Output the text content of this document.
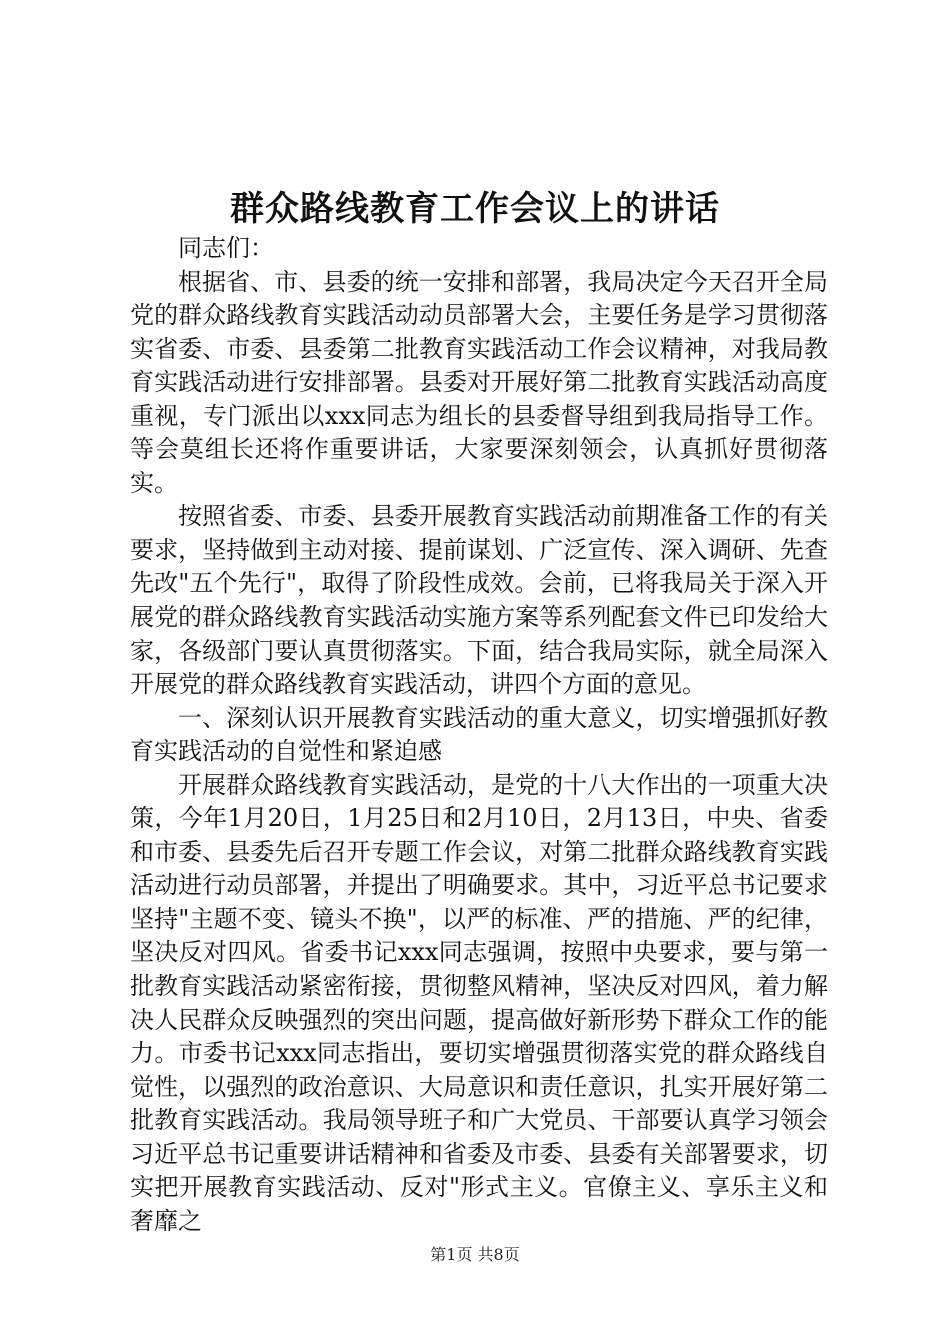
群众路线教育工作会议上的讲话

同志们：

根据省、市、县委的统一安排和部署，我局决定今天召开全局党的群众路线教育实践活动动员部署大会，主要任务是学习贯彻落实省委、市委、县委第二批教育实践活动工作会议精神，对我局教育实践活动进行安排部署。县委对开展好第二批教育实践活动高度重视，专门派出以xxx同志为组长的县委督导组到我局指导工作。等会莫组长还将作重要讲话，大家要深刻领会，认真抓好贯彻落实。

按照省委、市委、县委开展教育实践活动前期准备工作的有关要求，坚持做到主动对接、提前谋划、广泛宣传、深入调研、先查先改"五个先行"，取得了阶段性成效。会前，已将我局关于深入开展党的群众路线教育实践活动实施方案等系列配套文件已印发给大家，各级部门要认真贯彻落实。下面，结合我局实际，就全局深入开展党的群众路线教育实践活动，讲四个方面的意见。

一、深刻认识开展教育实践活动的重大意义，切实增强抓好教育实践活动的自觉性和紧迫感

开展群众路线教育实践活动，是党的十八大作出的一项重大决策，今年1月20日，1月25日和2月10日，2月13日，中央、省委和市委、县委先后召开专题工作会议，对第二批群众路线教育实践活动进行动员部署，并提出了明确要求。其中，习近平总书记要求坚持"主题不变、镜头不换"，以严的标准、严的措施、严的纪律，坚决反对四风。省委书记xxx同志强调，按照中央要求，要与第一批教育实践活动紧密衔接，贯彻整风精神，坚决反对四风，着力解决人民群众反映强烈的突出问题，提高做好新形势下群众工作的能力。市委书记xxx同志指出，要切实增强贯彻落实党的群众路线自觉性，以强烈的政治意识、大局意识和责任意识，扎实开展好第二批教育实践活动。我局领导班子和广大党员、干部要认真学习领会习近平总书记重要讲话精神和省委及市委、县委有关部署要求，切实把开展教育实践活动、反对"形式主义。官僚主义、享乐主义和奢靡之

第1页 共8页
